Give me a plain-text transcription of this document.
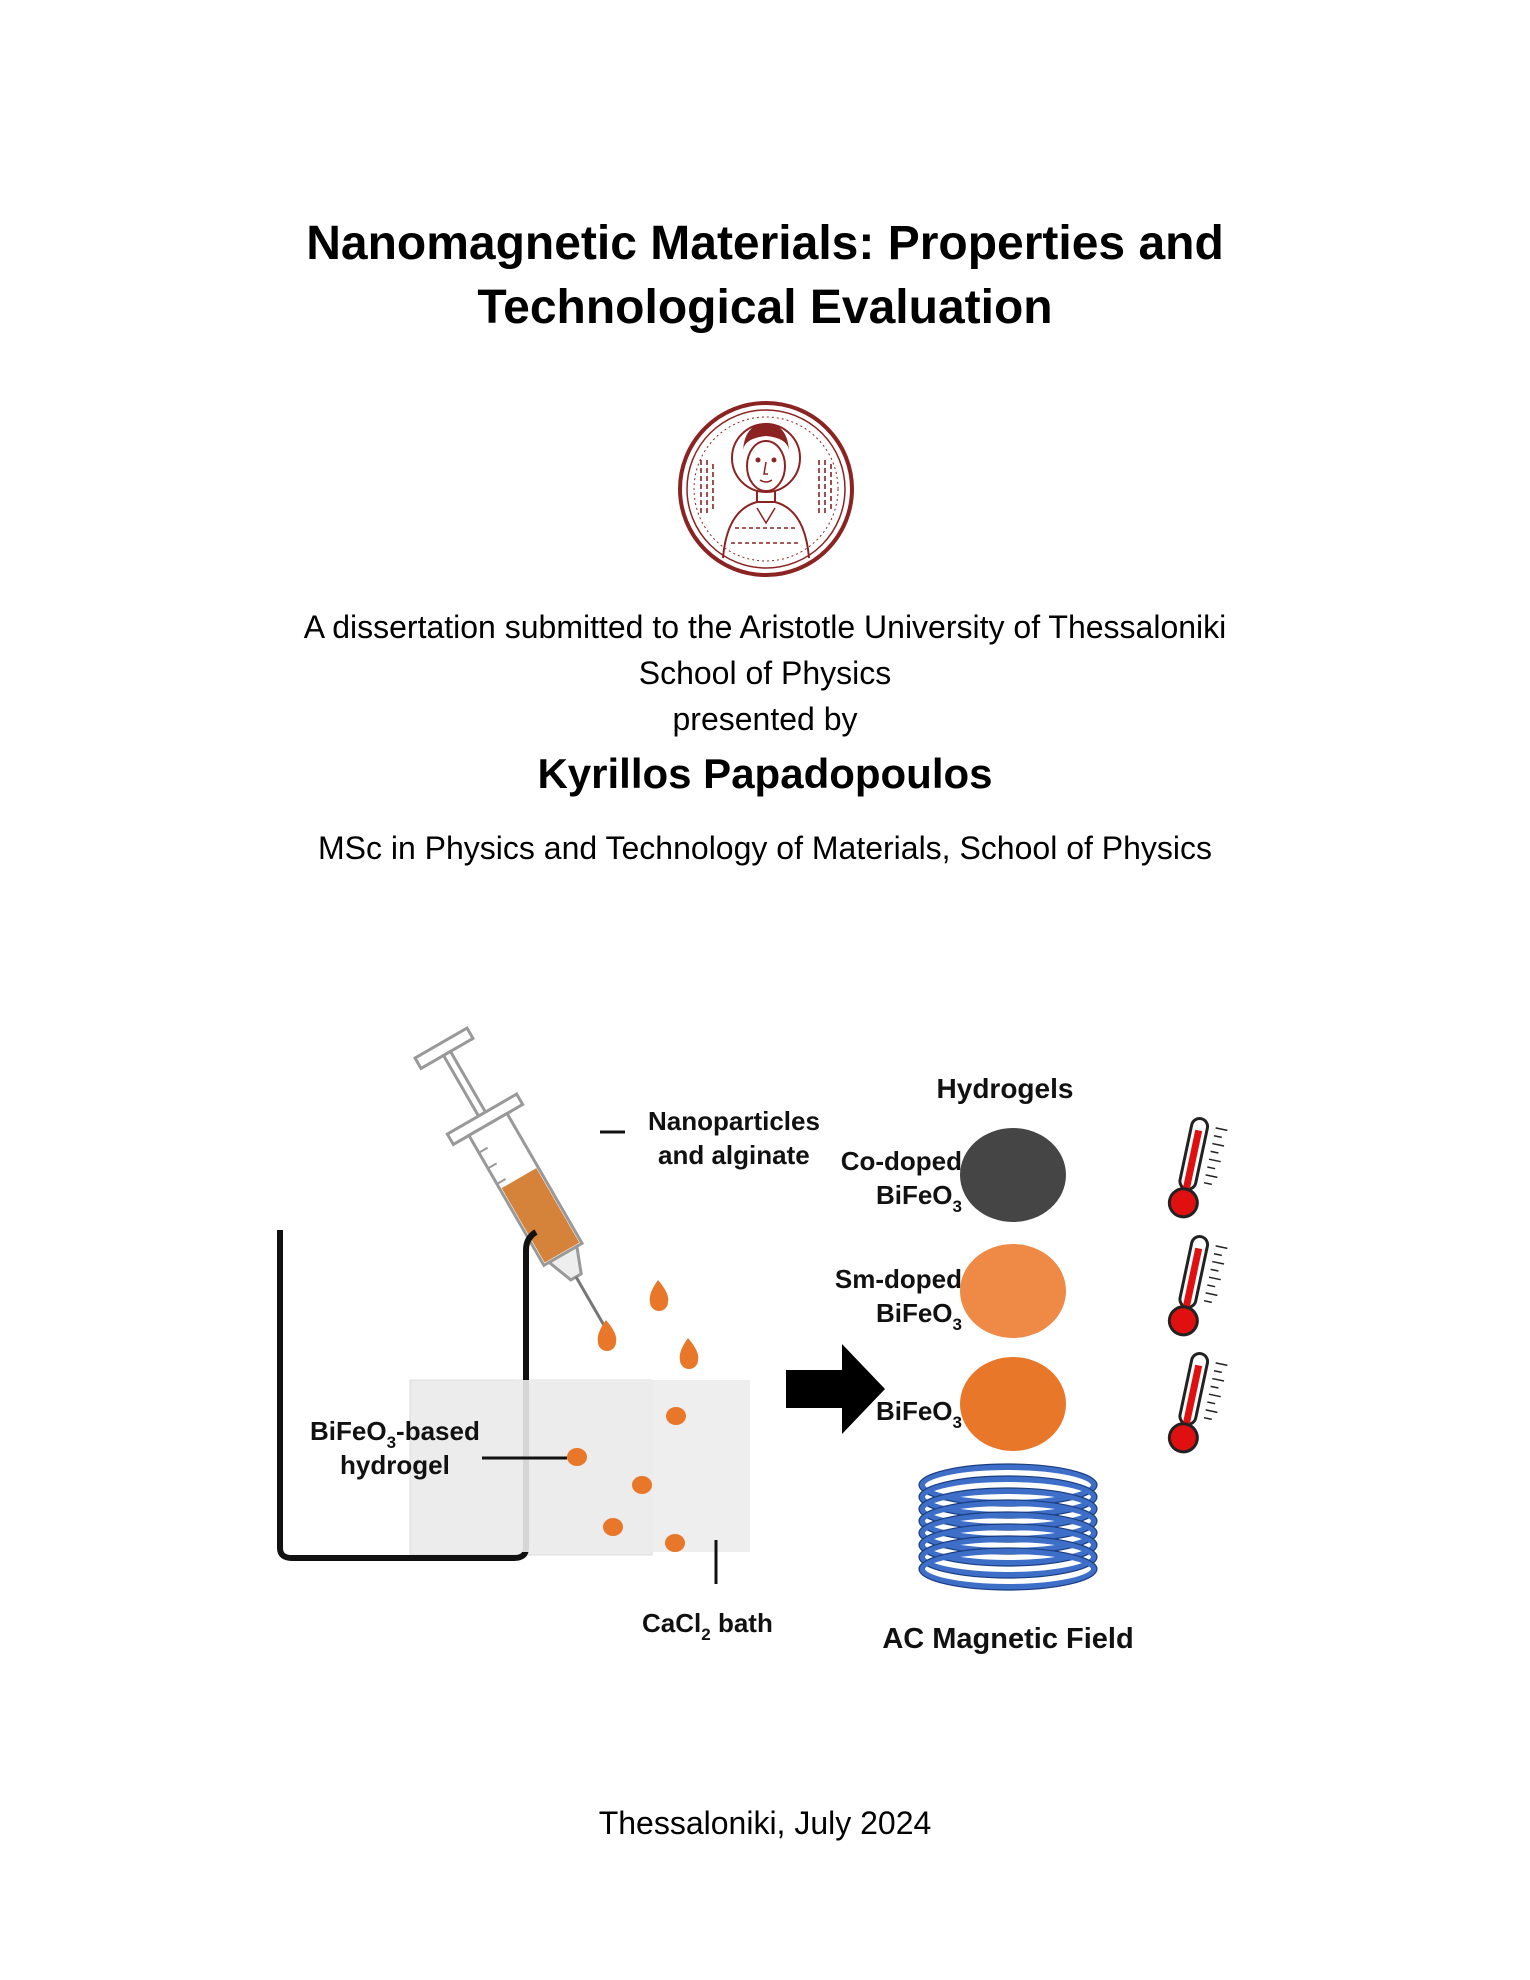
Nanomagnetic Materials: Properties and
Technological Evaluation
A dissertation submitted to the Aristotle University of Thessaloniki
School of Physics
presented by
Kyrillos Papadopoulos
MSc in Physics and Technology of Materials, School of Physics
Nanoparticles
and alginate
BiFeO$_3$-based
hydrogel
CaCl$_2$ bath
Hydrogels
Co-doped
BiFeO$_3$
Sm-doped
BiFeO$_3$
BiFeO$_3$
AC Magnetic Field
Thessaloniki, July 2024
